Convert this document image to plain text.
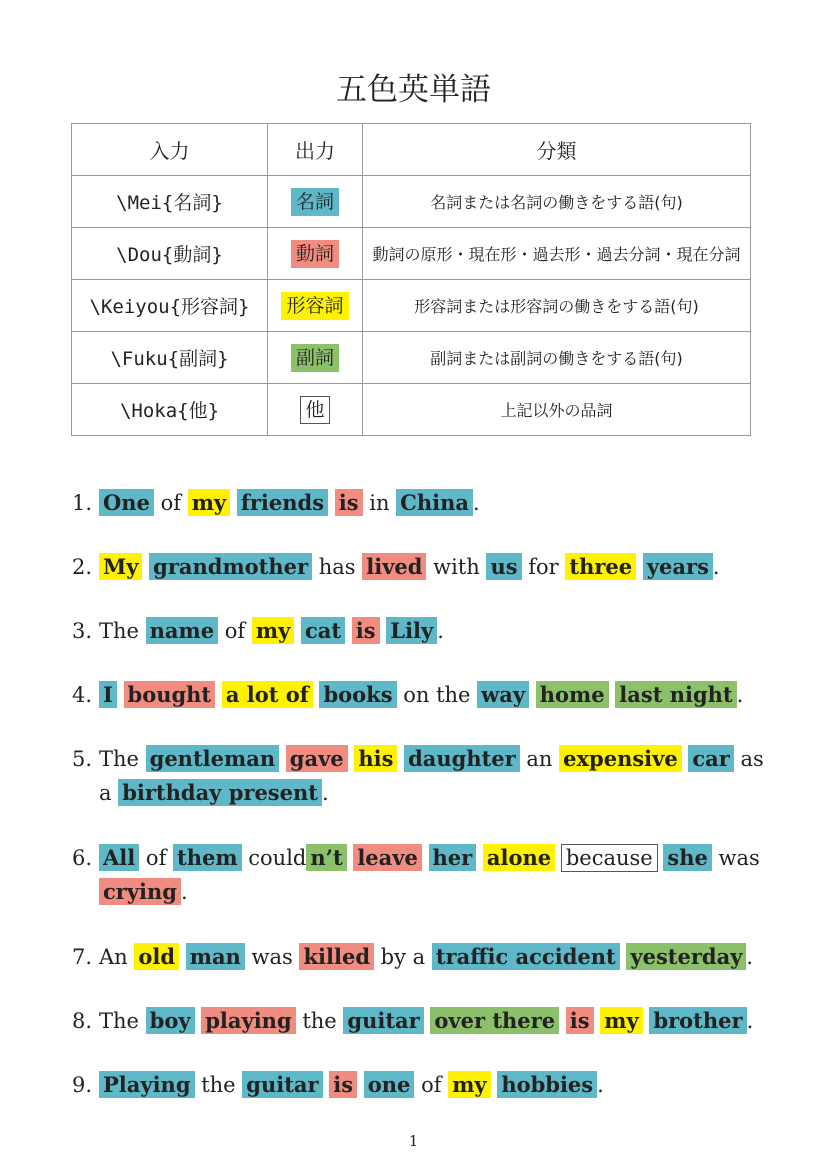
五色英単語
入力	出力	分類
\Mei{名詞}	名詞	名詞または名詞の働きをする語(句)
\Dou{動詞}	動詞	動詞の原形・現在形・過去形・過去分詞・現在分詞
\Keiyou{形容詞}	形容詞	形容詞または形容詞の働きをする語(句)
\Fuku{副詞}	副詞	副詞または副詞の働きをする語(句)
\Hoka{他}	他	上記以外の品詞
1. One of my friends is in China .
2. My grandmother has lived with us for three years .
3. The name of my cat is Lily .
4. I bought a lot of books on the way home last night .
5. The gentleman gave his daughter an expensive car as a birthday present .
6. All of them could n’t leave her alone because she was crying .
7. An old man was killed by a traffic accident yesterday .
8. The boy playing the guitar over there is my brother .
9. Playing the guitar is one of my hobbies .
1
